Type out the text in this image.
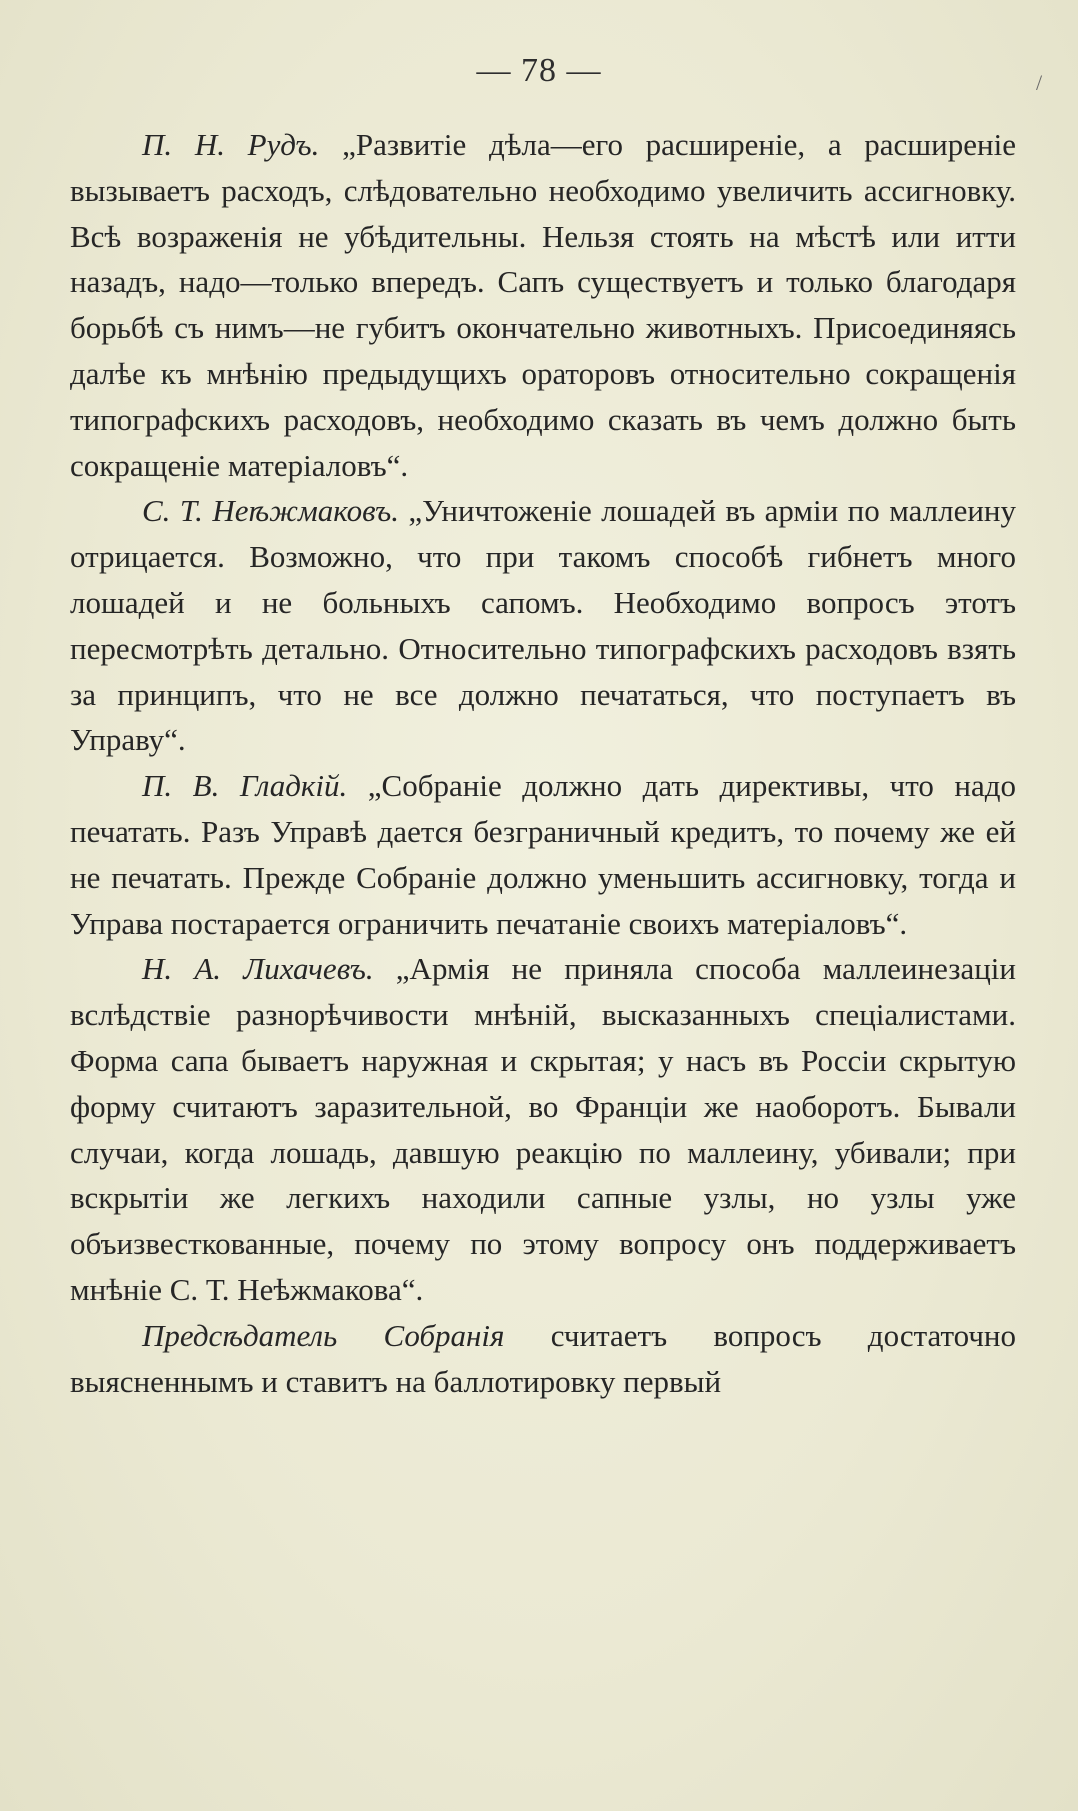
— 78 —	/

П. Н. Рудъ. „Развитіе дѣла—его расширеніе, а расширеніе вызываетъ расходъ, слѣдовательно необходимо увеличить ассигновку. Всѣ возраженія не убѣдительны. Нельзя стоять на мѣстѣ или итти назадъ, надо—только впередъ. Сапъ существуетъ и только благодаря борьбѣ съ нимъ—не губитъ окончательно животныхъ. Присоединяясь далѣе къ мнѣнію предыдущихъ ораторовъ относительно сокращенія типографскихъ расходовъ, необходимо сказать въ чемъ должно быть сокращеніе матеріаловъ“.

С. Т. Неѣжмаковъ. „Уничтоженіе лошадей въ арміи по маллеину отрицается. Возможно, что при такомъ способѣ гибнетъ много лошадей и не больныхъ сапомъ. Необходимо вопросъ этотъ пересмотрѣть детально. Относительно типографскихъ расходовъ взять за принципъ, что не все должно печататься, что поступаетъ въ Управу“.

П. В. Гладкій. „Собраніе должно дать директивы, что надо печатать. Разъ Управѣ дается безграничный кредитъ, то почему же ей не печатать. Прежде Собраніе должно уменьшить ассигновку, тогда и Управа постарается ограничить печатаніе своихъ матеріаловъ“.

Н. А. Лихачевъ. „Армія не приняла способа маллеинезаціи вслѣдствіе разнорѣчивости мнѣній, высказанныхъ спеціалистами. Форма сапа бываетъ наружная и скрытая; у насъ въ Россіи скрытую форму считаютъ заразительной, во Франціи же наоборотъ. Бывали случаи, когда лошадь, давшую реакцію по маллеину, убивали; при вскрытіи же легкихъ находили сапные узлы, но узлы уже объизвесткованные, почему по этому вопросу онъ поддерживаетъ мнѣніе С. Т. Неѣжмакова“.

Предсѣдатель Собранія считаетъ вопросъ достаточно выясненнымъ и ставитъ на баллотировку первый
